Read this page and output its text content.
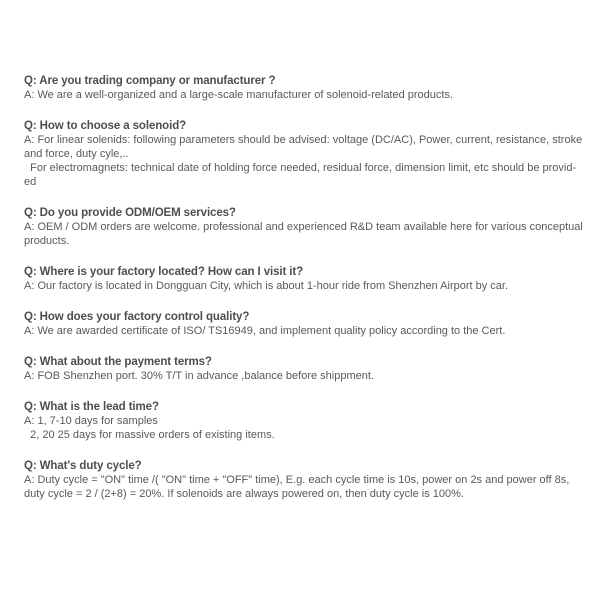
Q: Are you trading company or manufacturer ?
A: We are a well-organized and a large-scale manufacturer of solenoid-related products.
Q: How to choose a solenoid?
A: For linear solenids: following parameters should be advised: voltage (DC/AC), Power, current, resistance, stroke
and force, duty cyle,..
For electromagnets: technical date of holding force needed, residual force, dimension limit, etc should be provid-
ed
Q: Do you provide ODM/OEM services?
A: OEM / ODM orders are welcome. professional and experienced R&D team available here for various conceptual
products.
Q: Where is your factory located? How can I visit it?
A: Our factory is located in Dongguan City, which is about 1-hour ride from Shenzhen Airport by car.
Q: How does your factory control quality?
A: We are awarded certificate of ISO/ TS16949, and implement quality policy according to the Cert.
Q: What about the payment terms?
A: FOB Shenzhen port. 30% T/T in advance ,balance before shippment.
Q: What is the lead time?
A: 1, 7-10 days for samples
2, 20 25 days for massive orders of existing items.
Q: What's duty cycle?
A: Duty cycle = "ON" time /( "ON" time + "OFF" time), E.g. each cycle time is 10s, power on 2s and power off 8s,
duty cycle = 2 / (2+8) = 20%. If solenoids are always powered on, then duty cycle is 100%.
